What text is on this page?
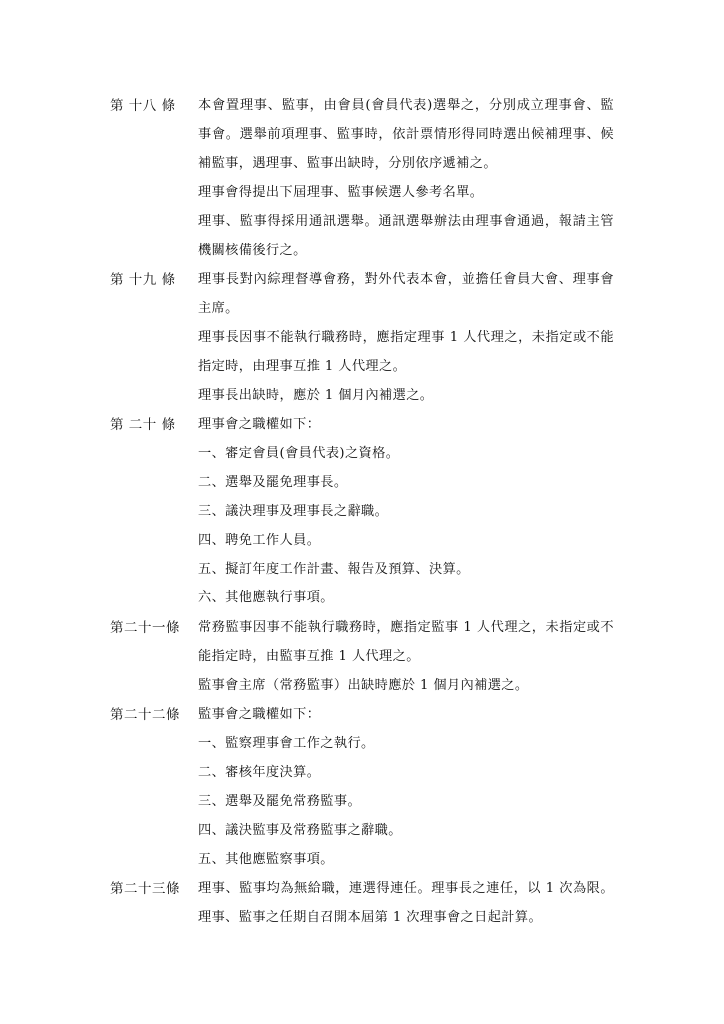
第 十八 條	本會置理事、監事，由會員(會員代表)選舉之，分別成立理事會、監事會。選舉前項理事、監事時，依計票情形得同時選出候補理事、候補監事，遇理事、監事出缺時，分別依序遞補之。

理事會得提出下屆理事、監事候選人參考名單。

理事、監事得採用通訊選舉。通訊選舉辦法由理事會通過，報請主管機關核備後行之。

第 十九 條	理事長對內綜理督導會務，對外代表本會，並擔任會員大會、理事會主席。

理事長因事不能執行職務時，應指定理事 1 人代理之，未指定或不能指定時，由理事互推 1 人代理之。

理事長出缺時，應於 1 個月內補選之。

第 二十 條	理事會之職權如下：

一、審定會員(會員代表)之資格。

二、選舉及罷免理事長。

三、議決理事及理事長之辭職。

四、聘免工作人員。

五、擬訂年度工作計畫、報告及預算、決算。

六、其他應執行事項。

第二十一條	常務監事因事不能執行職務時，應指定監事 1 人代理之，未指定或不能指定時，由監事互推 1 人代理之。

監事會主席（常務監事）出缺時應於 1 個月內補選之。

第二十二條	監事會之職權如下：

一、監察理事會工作之執行。

二、審核年度決算。

三、選舉及罷免常務監事。

四、議決監事及常務監事之辭職。

五、其他應監察事項。

第二十三條	理事、監事均為無給職，連選得連任。理事長之連任，以 1 次為限。理事、監事之任期自召開本屆第 1 次理事會之日起計算。
